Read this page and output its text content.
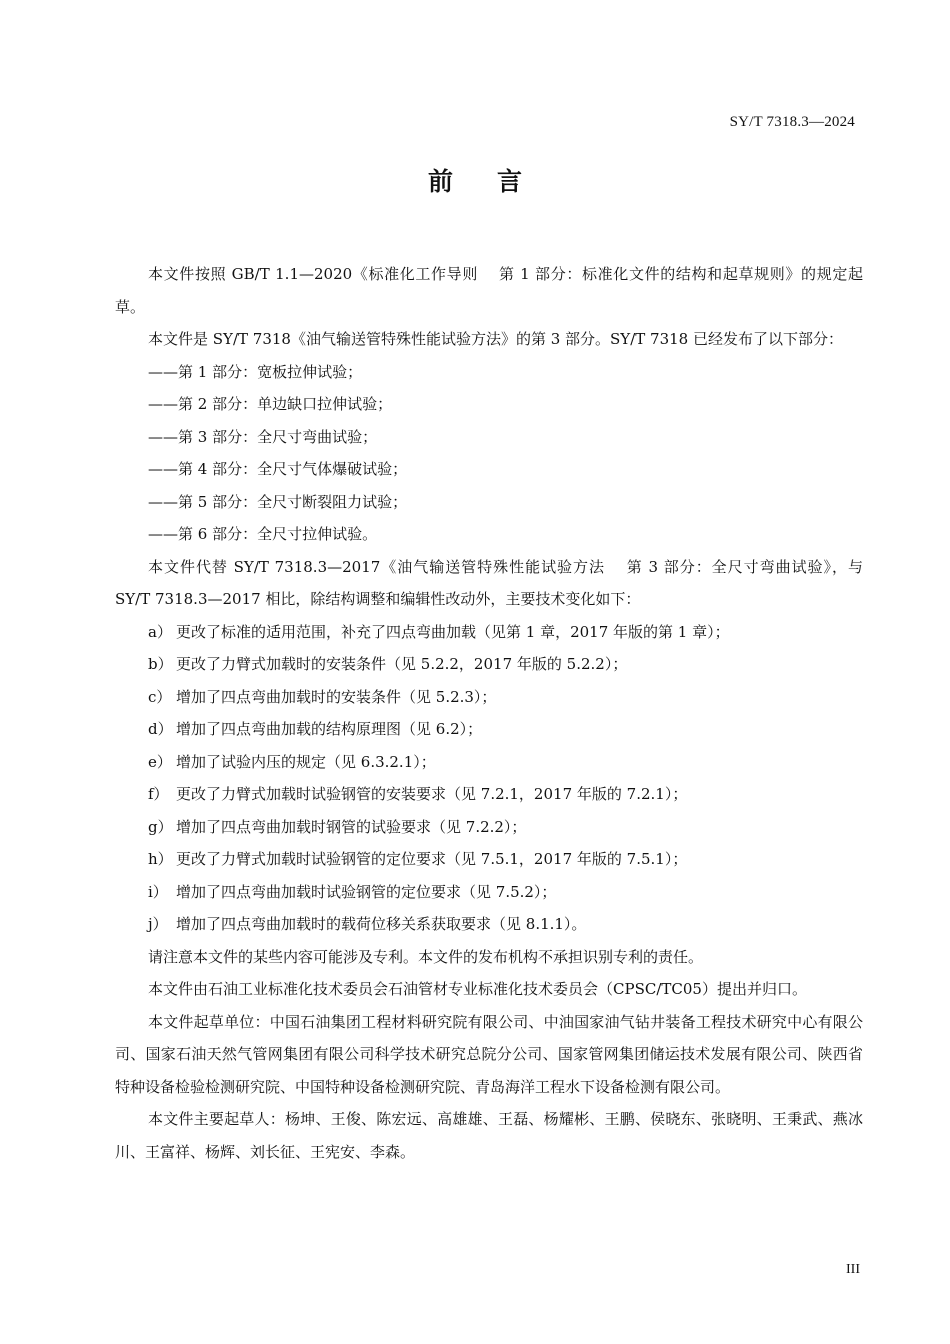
SY/T 7318.3—2024
前言

本文件按照 GB/T 1.1—2020《标准化工作导则 　第 1 部分：标准化文件的结构和起草规则》的规定起草。

本文件是 SY/T 7318《油气输送管特殊性能试验方法》的第 3 部分。SY/T 7318 已经发布了以下部分：

——第 1 部分：宽板拉伸试验；

——第 2 部分：单边缺口拉伸试验；

——第 3 部分：全尺寸弯曲试验；

——第 4 部分：全尺寸气体爆破试验；

——第 5 部分：全尺寸断裂阻力试验；

——第 6 部分：全尺寸拉伸试验。

本文件代替 SY/T 7318.3—2017《油气输送管特殊性能试验方法 　第 3 部分：全尺寸弯曲试验》，与 SY/T 7318.3—2017 相比，除结构调整和编辑性改动外，主要技术变化如下：

a） 更改了标准的适用范围，补充了四点弯曲加载（见第 1 章，2017 年版的第 1 章）；

b） 更改了力臂式加载时的安装条件（见 5.2.2，2017 年版的 5.2.2）；

c） 增加了四点弯曲加载时的安装条件（见 5.2.3）；

d） 增加了四点弯曲加载的结构原理图（见 6.2）；

e） 增加了试验内压的规定（见 6.3.2.1）；

f） 更改了力臂式加载时试验钢管的安装要求（见 7.2.1，2017 年版的 7.2.1）；

g） 增加了四点弯曲加载时钢管的试验要求（见 7.2.2）；

h） 更改了力臂式加载时试验钢管的定位要求（见 7.5.1，2017 年版的 7.5.1）；

i） 增加了四点弯曲加载时试验钢管的定位要求（见 7.5.2）；

j） 增加了四点弯曲加载时的载荷位移关系获取要求（见 8.1.1）。

请注意本文件的某些内容可能涉及专利。本文件的发布机构不承担识别专利的责任。

本文件由石油工业标准化技术委员会石油管材专业标准化技术委员会（CPSC/TC05）提出并归口。

本文件起草单位：中国石油集团工程材料研究院有限公司、中油国家油气钻井装备工程技术研究中心有限公司、国家石油天然气管网集团有限公司科学技术研究总院分公司、国家管网集团储运技术发展有限公司、陕西省特种设备检验检测研究院、中国特种设备检测研究院、青岛海洋工程水下设备检测有限公司。

本文件主要起草人：杨坤、王俊、陈宏远、高雄雄、王磊、杨耀彬、王鹏、侯晓东、张晓明、王秉武、燕冰川、王富祥、杨辉、刘长征、王宪安、李森。

III
